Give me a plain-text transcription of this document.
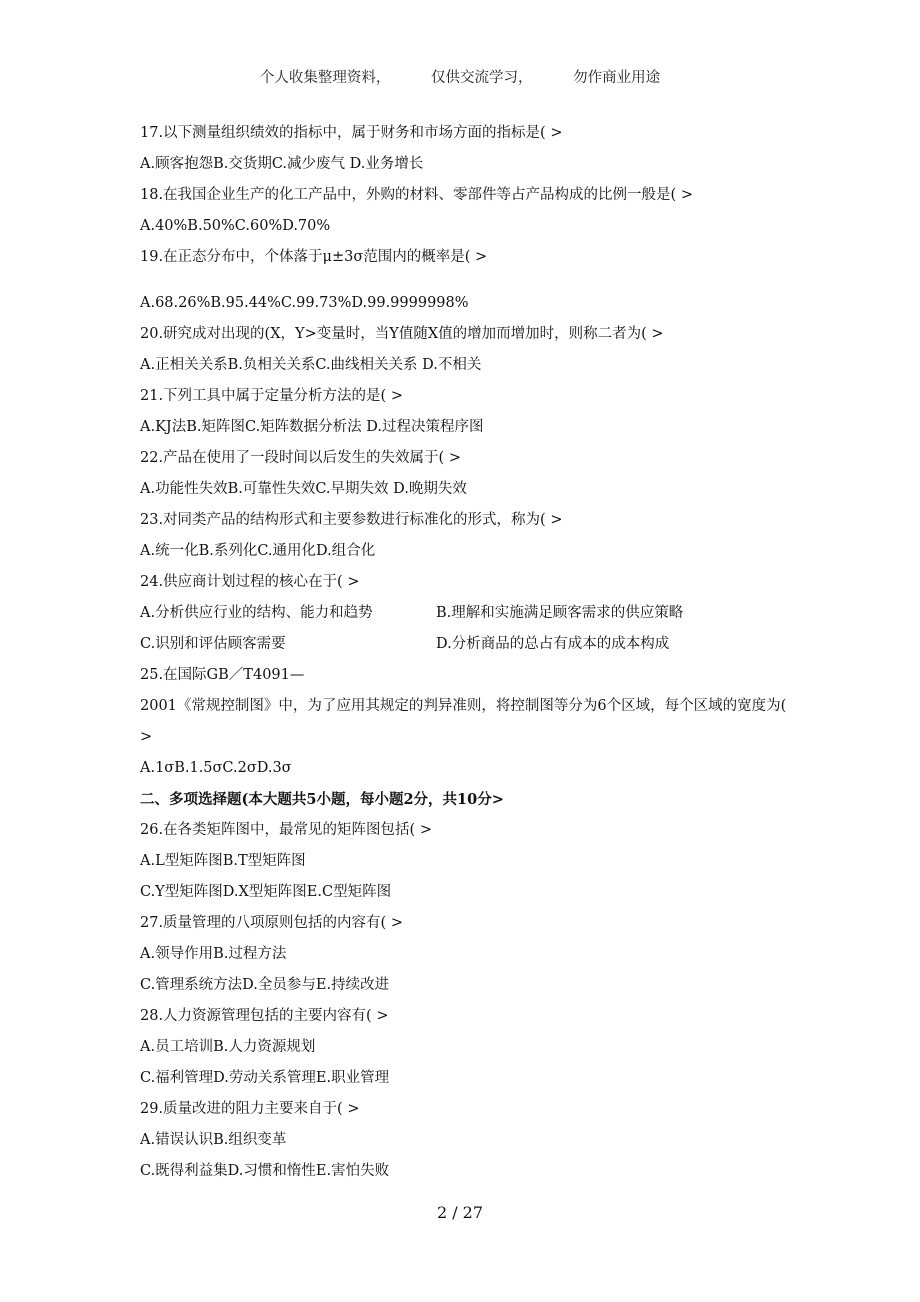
个人收集整理资料，	仅供交流学习，	勿作商业用途
17.以下测量组织绩效的指标中，属于财务和市场方面的指标是( >
A.顾客抱怨B.交货期C.减少废气 D.业务增长
18.在我国企业生产的化工产品中，外购的材料、零部件等占产品构成的比例一般是( >
A.40%B.50%C.60%D.70%
19.在正态分布中，个体落于μ±3σ范围内的概率是( >
A.68.26%B.95.44%C.99.73%D.99.9999998%
20.研究成对出现的(X，Y>变量时，当Y值随X值的增加而增加时，则称二者为( >
A.正相关关系B.负相关关系C.曲线相关关系 D.不相关
21.下列工具中属于定量分析方法的是( >
A.KJ法B.矩阵图C.矩阵数据分析法 D.过程决策程序图
22.产品在使用了一段时间以后发生的失效属于( >
A.功能性失效B.可靠性失效C.早期失效 D.晚期失效
23.对同类产品的结构形式和主要参数进行标准化的形式，称为( >
A.统一化B.系列化C.通用化D.组合化
24.供应商计划过程的核心在于( >
A.分析供应行业的结构、能力和趋势	B.理解和实施满足顾客需求的供应策略
C.识别和评估顾客需要	D.分析商品的总占有成本的成本构成
25.在国际GB／T4091—
2001《常规控制图》中，为了应用其规定的判异准则，将控制图等分为6个区域，每个区域的宽度为( >
A.1σB.1.5σC.2σD.3σ
二、多项选择题(本大题共5小题，每小题2分，共10分>
26.在各类矩阵图中，最常见的矩阵图包括( >
A.L型矩阵图B.T型矩阵图
C.Y型矩阵图D.X型矩阵图E.C型矩阵图
27.质量管理的八项原则包括的内容有( >
A.领导作用B.过程方法
C.管理系统方法D.全员参与E.持续改进
28.人力资源管理包括的主要内容有( >
A.员工培训B.人力资源规划
C.福利管理D.劳动关系管理E.职业管理
29.质量改进的阻力主要来自于( >
A.错误认识B.组织变革
C.既得利益集D.习惯和惰性E.害怕失败
2 / 27
